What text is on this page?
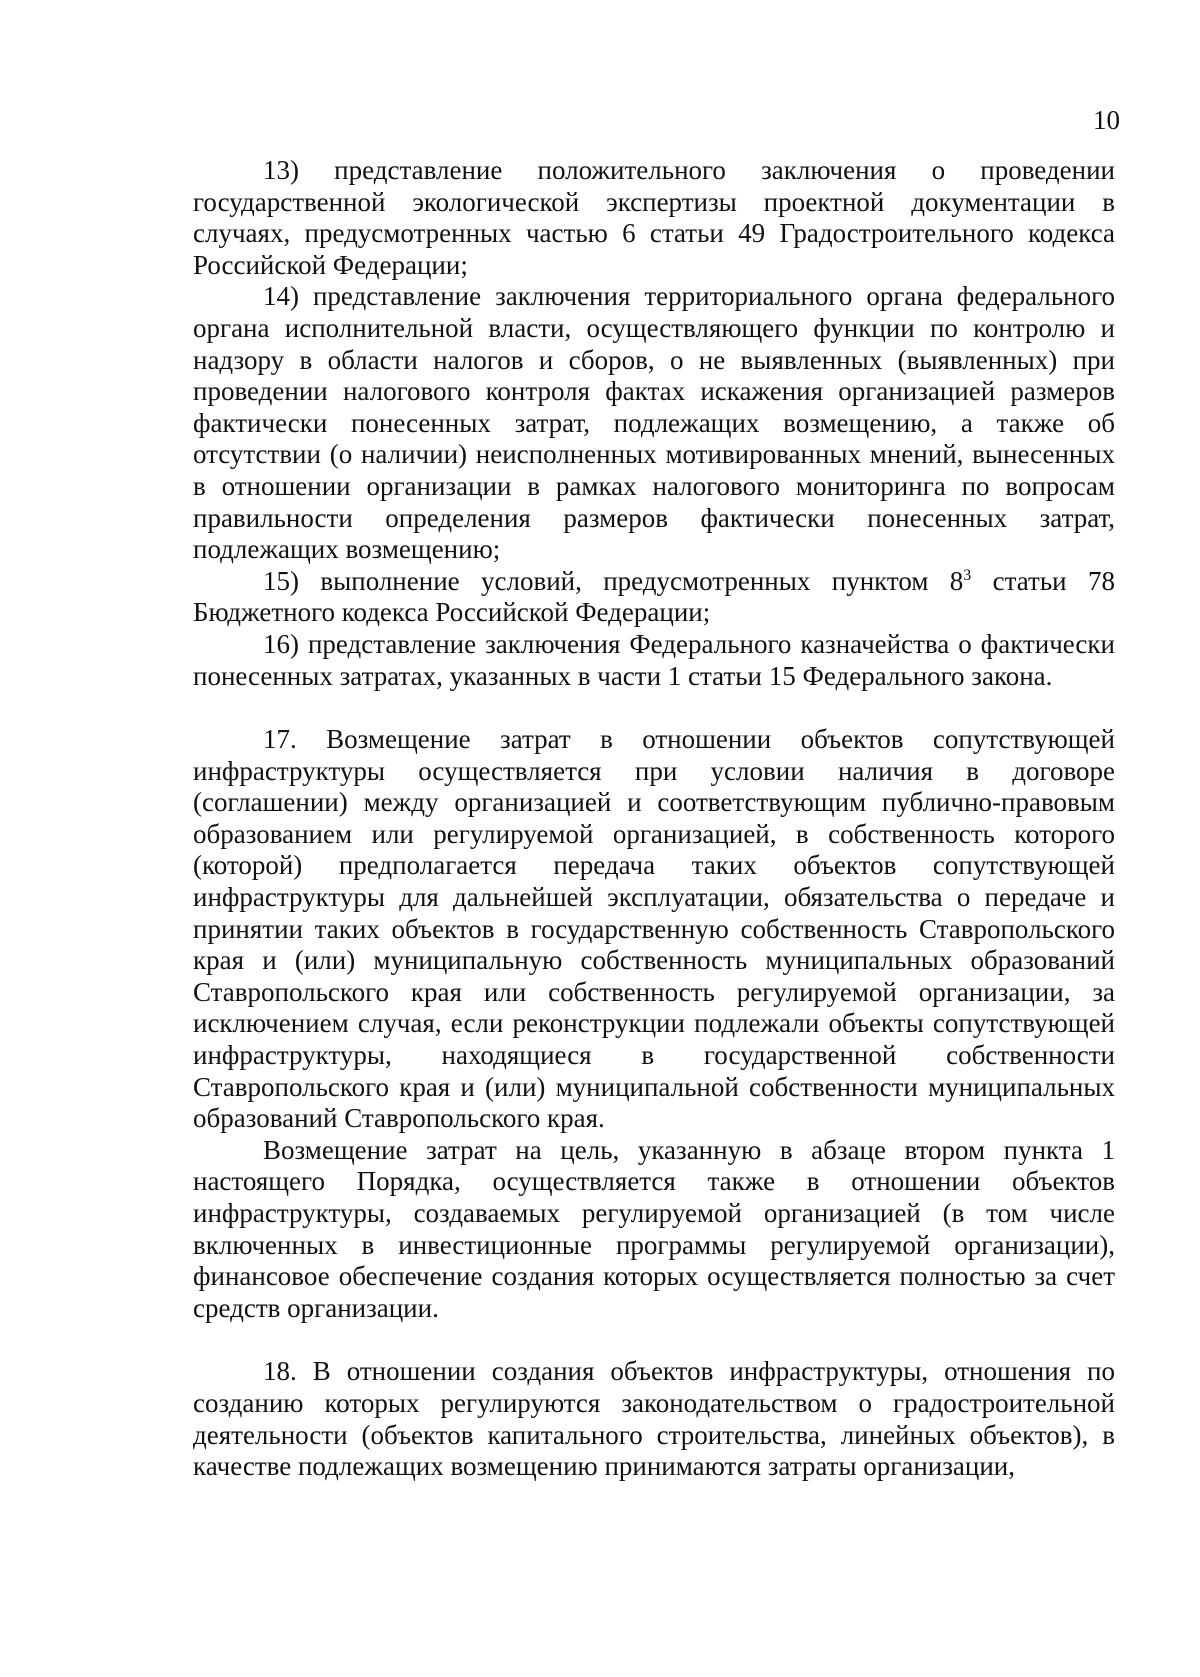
10

13) представление положительного заключения о проведении государственной экологической экспертизы проектной документации в случаях, предусмотренных частью 6 статьи 49 Градостроительного кодекса Российской Федерации;

14) представление заключения территориального органа федерального органа исполнительной власти, осуществляющего функции по контролю и надзору в области налогов и сборов, о не выявленных (выявленных) при проведении налогового контроля фактах искажения организацией размеров фактически понесенных затрат, подлежащих возмещению, а также об отсутствии (о наличии) неисполненных мотивированных мнений, вынесенных в отношении организации в рамках налогового мониторинга по вопросам правильности определения размеров фактически понесенных затрат, подлежащих возмещению;

15) выполнение условий, предусмотренных пунктом $8^3$ статьи 78 Бюджетного кодекса Российской Федерации;

16) представление заключения Федерального казначейства о фактически понесенных затратах, указанных в части 1 статьи 15 Федерального закона.

17. Возмещение затрат в отношении объектов сопутствующей инфраструктуры осуществляется при условии наличия в договоре (соглашении) между организацией и соответствующим публично-правовым образованием или регулируемой организацией, в собственность которого (которой) предполагается передача таких объектов сопутствующей инфраструктуры для дальнейшей эксплуатации, обязательства о передаче и принятии таких объектов в государственную собственность Ставропольского края и (или) муниципальную собственность муниципальных образований Ставропольского края или собственность регулируемой организации, за исключением случая, если реконструкции подлежали объекты сопутствующей инфраструктуры, находящиеся в государственной собственности Ставропольского края и (или) муниципальной собственности муниципальных образований Ставропольского края.

Возмещение затрат на цель, указанную в абзаце втором пункта 1 настоящего Порядка, осуществляется также в отношении объектов инфраструктуры, создаваемых регулируемой организацией (в том числе включенных в инвестиционные программы регулируемой организации), финансовое обеспечение создания которых осуществляется полностью за счет средств организации.

18. В отношении создания объектов инфраструктуры, отношения по созданию которых регулируются законодательством о градостроительной деятельности (объектов капитального строительства, линейных объектов), в качестве подлежащих возмещению принимаются затраты организации,
